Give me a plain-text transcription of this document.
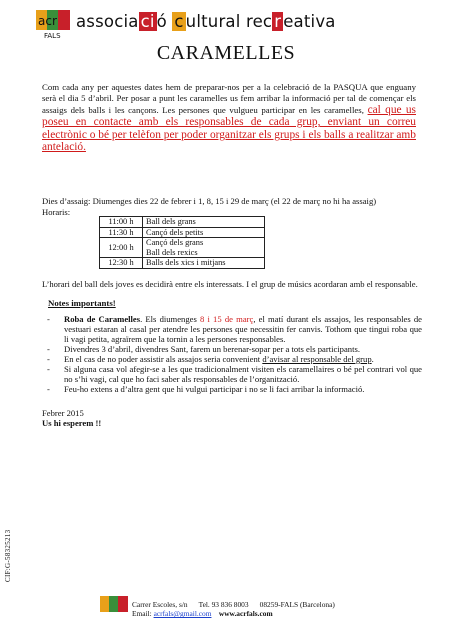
acr
FALS
associa ci ó c ultural rec r eativa
CARAMELLES
Com cada any per aquestes dates hem de preparar-nos per a la celebració de la PASQUA que enguany serà el dia 5 d’abril. Per posar a punt les caramelles us fem arribar la informació per tal de començar els assaigs dels balls i les cançons. Les persones que vulgueu participar en les caramelles, cal que us poseu en contacte amb els responsables de cada grup, enviant un correu electrònic o bé per telèfon per poder organitzar els grups i els balls a realitzar amb antelació.
Dies d’assaig: Diumenges dies 22 de febrer i 1, 8, 15 i 29 de març (el 22 de març no hi ha assaig)
Horaris:
11:00 h	Ball dels grans
11:30 h	Cançó dels petits
12:00 h	Cançó dels grans
Ball dels rexics

12:30 h	Balls dels xics i mitjans
L’horari del ball dels joves es decidirà entre els interessats. I el grup de músics acordaran amb el responsable.
Notes importants!
- Roba de Caramelles. Els diumenges 8 i 15 de març, el matí durant els assajos, les responsables de vestuari estaran al casal per atendre les persones que necessitin fer canvis. Tothom que tingui roba que li vagi petita, agraïrem que la tornin a les persones responsables.
- Divendres 3 d’abril, divendres Sant, farem un berenar-sopar per a tots els participants.
- En el cas de no poder assistir als assajos seria convenient d’avisar al responsable del grup.
- Si alguna casa vol afegir-se a les que tradicionalment visiten els caramellaires o bé pel contrari vol que no s’hi vagi, cal que ho faci saber als responsables de l’organització.
- Feu-ho extens a d’altra gent que hi vulgui participar i no se li faci arribar la informació.
Febrer 2015
Us hi esperem !!
CIF:G-58325213
Carrer Escoles, s/n Tel. 93 836 8003 08259-FALS (Barcelona)
Email: acrfals@gmail.com www.acrfals.com
